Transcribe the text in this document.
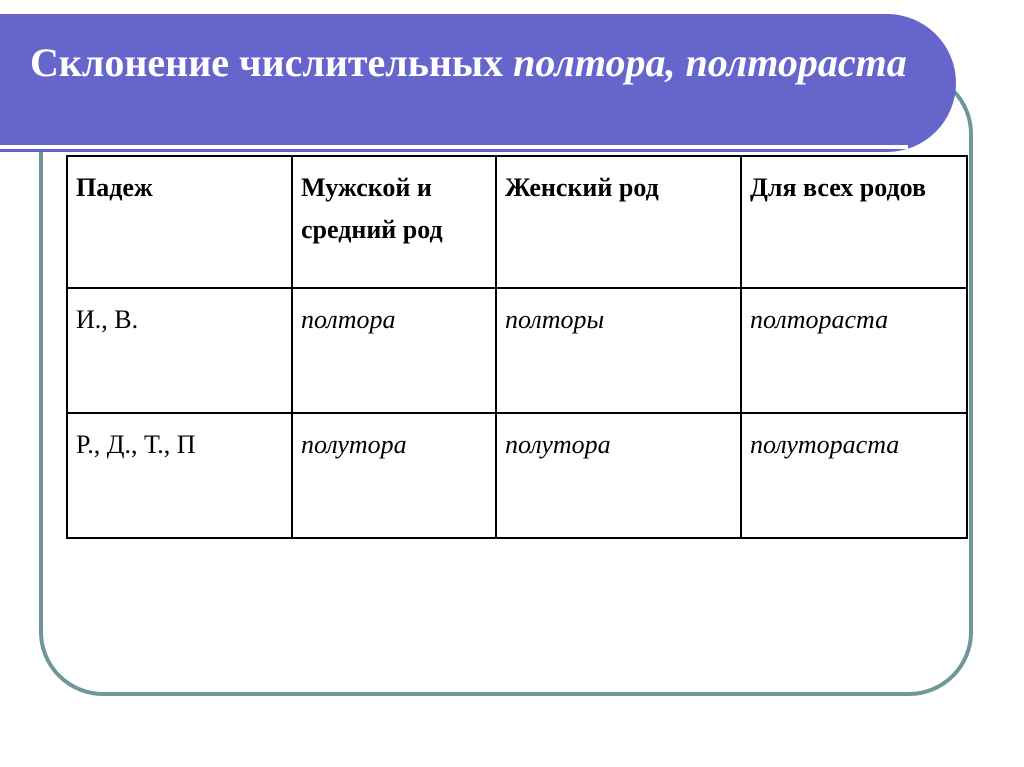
Склонение числительных полтора, полтораста
Падеж	Мужской и средний род	Женский род	Для всех родов
И., В.	полтора	полторы	полтораста
Р., Д., Т., П	полутора	полутора	полутораста
